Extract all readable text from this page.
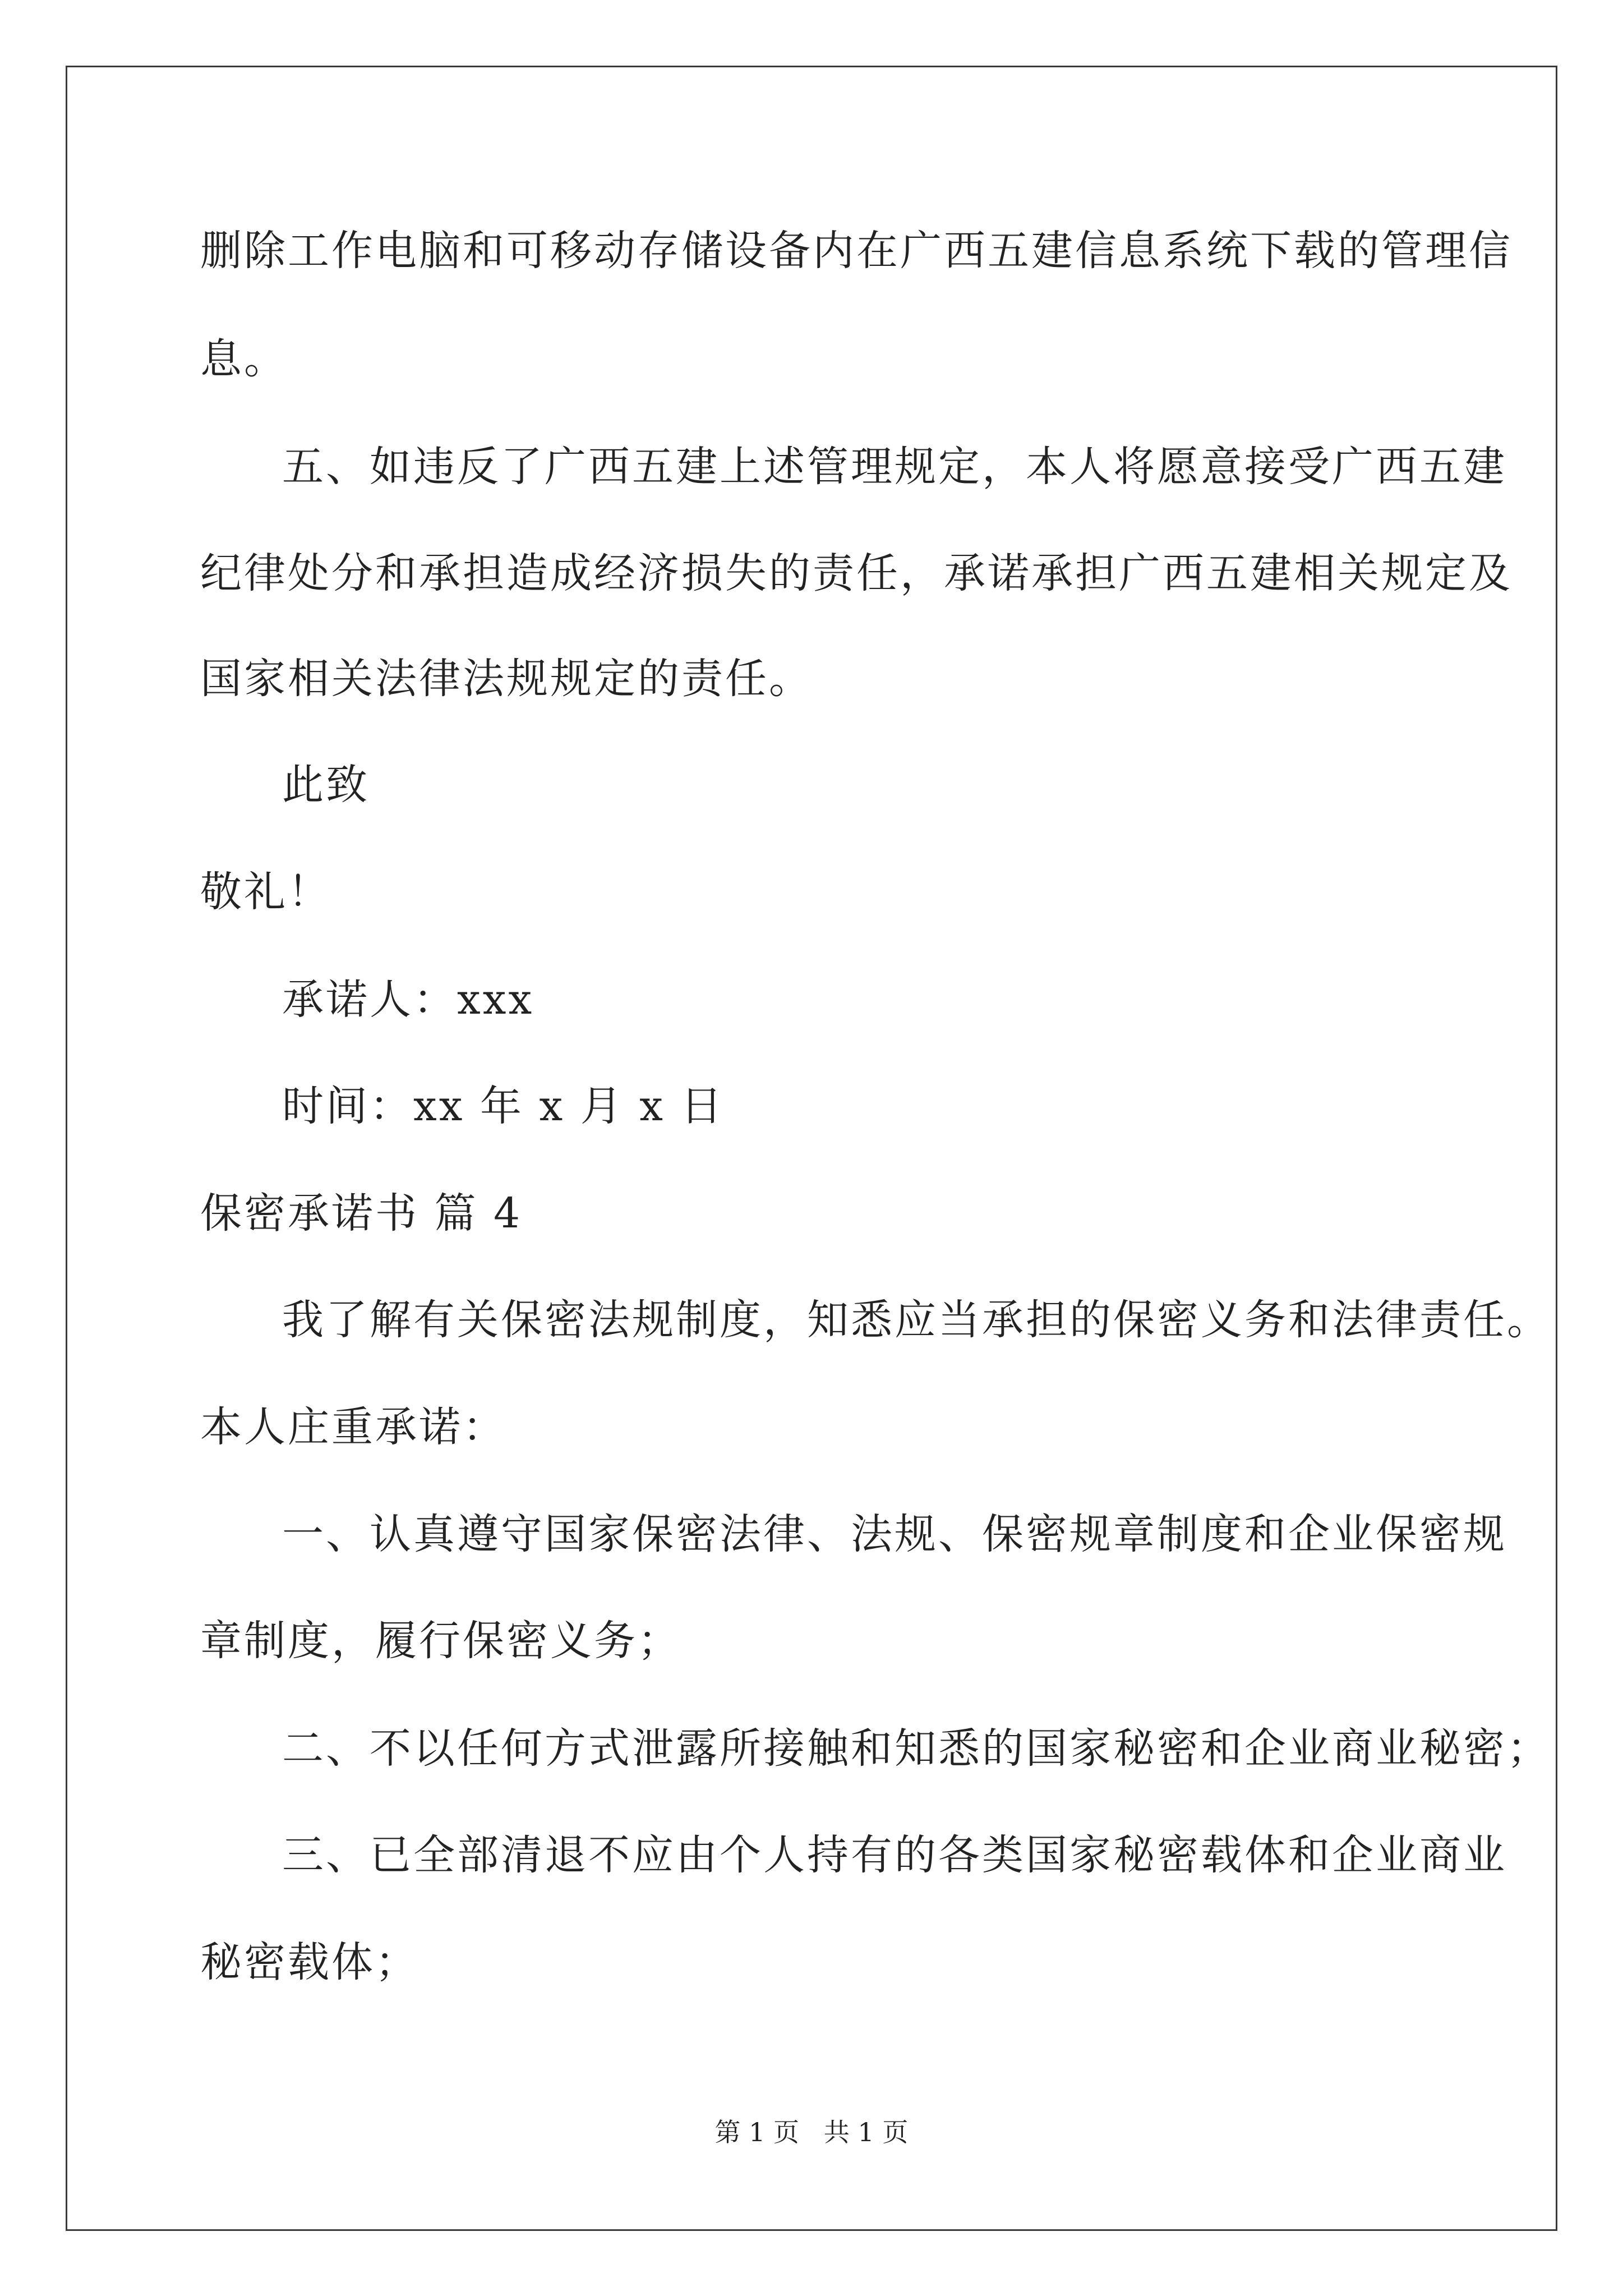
删除工作电脑和可移动存储设备内在广西五建信息系统下载的管理信
息。
五、如违反了广西五建上述管理规定，本人将愿意接受广西五建
纪律处分和承担造成经济损失的责任，承诺承担广西五建相关规定及
国家相关法律法规规定的责任。
此致
敬礼！
承诺人：xxx
时间：xx 年 x 月 x 日
保密承诺书 篇 4
我了解有关保密法规制度，知悉应当承担的保密义务和法律责任。
本人庄重承诺：
一、认真遵守国家保密法律、法规、保密规章制度和企业保密规
章制度，履行保密义务；
二、不以任何方式泄露所接触和知悉的国家秘密和企业商业秘密；
三、已全部清退不应由个人持有的各类国家秘密载体和企业商业
秘密载体；
第 1 页   共 1 页
